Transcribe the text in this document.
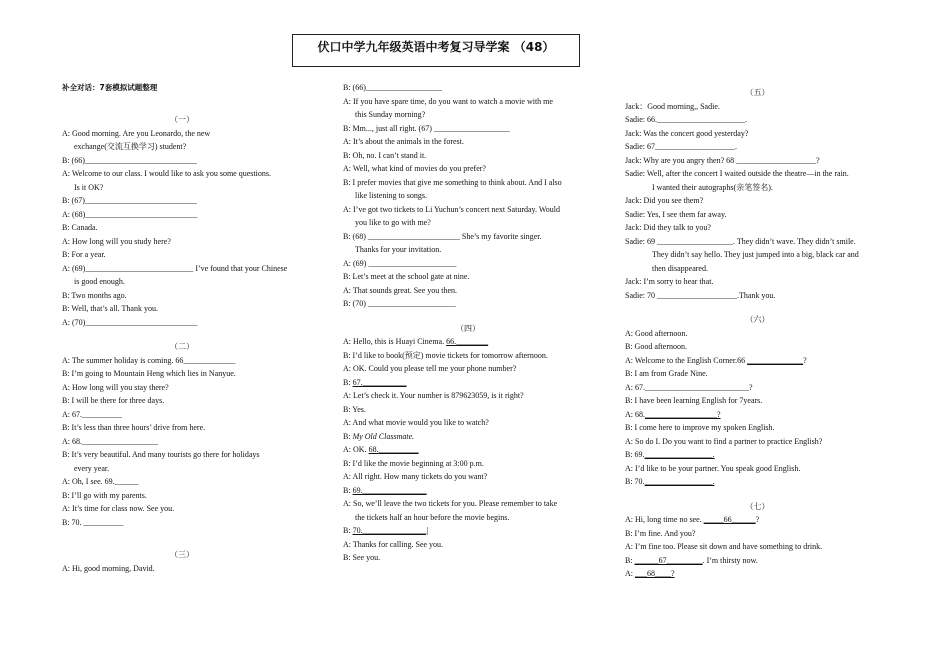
伏口中学九年级英语中考复习导学案 （48）
补全对话：7套模拟试题整理
（一）
A: Good morning. Are you Leonardo, the new
exchange(交流互换学习) student?
B: (66)____________________________
A: Welcome to our class. I would like to ask you some questions.
Is it OK?
B: (67)____________________________
A: (68)____________________________
B: Canada.
A: How long will you study here?
B: For a year.
A: (69)___________________________ I’ve found that your Chinese
is good enough.
B: Two months ago.
B: Well, that’s all. Thank you.
A: (70)____________________________
（二）
A: The summer holiday is coming. 66_____________
B: I’m going to Mountain Heng which lies in Nanyue.
A: How long will you stay there?
B: I will be there for three days.
A: 67.__________
B: It’s less than three hours’ drive from here.
A: 68.___________________
B: It’s very beautiful. And many tourists go there for holidays
every year.
A: Oh, I see. 69.______
B: I’ll go with my parents.
A: It’s time for class now. See you.
B: 70. __________
（三）
A: Hi, good morning, David.
B: (66)___________________
A: If you have spare time, do you want to watch a movie with me
this Sunday morning?
B: Mm..., just all right. (67) ___________________
A: It’s about the animals in the forest.
B: Oh, no. I can’t stand it.
A: Well, what kind of movies do you prefer?
B: I prefer movies that give me something to think about. And I also
like listening to songs.
A: I’ve got two tickets to Li Yuchun’s concert next Saturday. Would
you like to go with me?
B: (68) _______________________ She’s my favorite singer.
Thanks for your invitation.
A: (69) ______________________
B: Let’s meet at the school gate at nine.
A: That sounds great. See you then.
B: (70) ______________________
（四）
A: Hello, this is Huayi Cinema. 66.________
B: I’d like to book(预定) movie tickets for tomorrow afternoon.
A: OK. Could you please tell me your phone number?
B: 67.___________
A: Let’s check it. Your number is 879623059, is it right?
B: Yes.
A: And what movie would you like to watch?
B: My Old Classmate.
A: OK. 68.__________
B: I’d like the movie beginning at 3:00 p.m.
A: All right. How many tickets do you want?
B: 69.________________
A: So, we’ll leave the two tickets for you. Please remember to take
the tickets half an hour before the movie begins.
B: 70.________________|
A: Thanks for calling. See you.
B: See you.
（五）
Jack：Good morning,, Sadie.
Sadie: 66.______________________.
Jack: Was the concert good yesterday?
Sadie: 67____________________.
Jack: Why are you angry then? 68 ____________________?
Sadie: Well, after the concert I waited outside the theatre—in the rain.
I wanted their autographs(亲笔签名).
Jack: Did you see them?
Sadie: Yes, I see them far away.
Jack: Did they talk to you?
Sadie: 69 ___________________. They didn’t wave. They didn’t smile.
They didn’t say hello. They just jumped into a big, black car and
then disappeared.
Jack: I’m sorry to hear that.
Sadie: 70 ____________________.Thank you.
（六）
A: Good afternoon.
B: Good afternoon.
A: Welcome to the English Corner.66 ______________?
B: I am from Grade Nine.
A: 67.__________________________?
B: I have been learning English for 7years.
A: 68.__________________?
B: I come here to improve my spoken English.
A: So do I. Do you want to find a partner to practice English?
B: 69._________________.
A: I’d like to be your partner. You speak good English.
B: 70._________________.
（七）
A: Hi, long time no see. _____66______?
B: I’m fine. And you?
A: I’m fine too. Please sit down and have something to drink.
B: ______67_________. I’m thirsty now.
A: ___68____?
